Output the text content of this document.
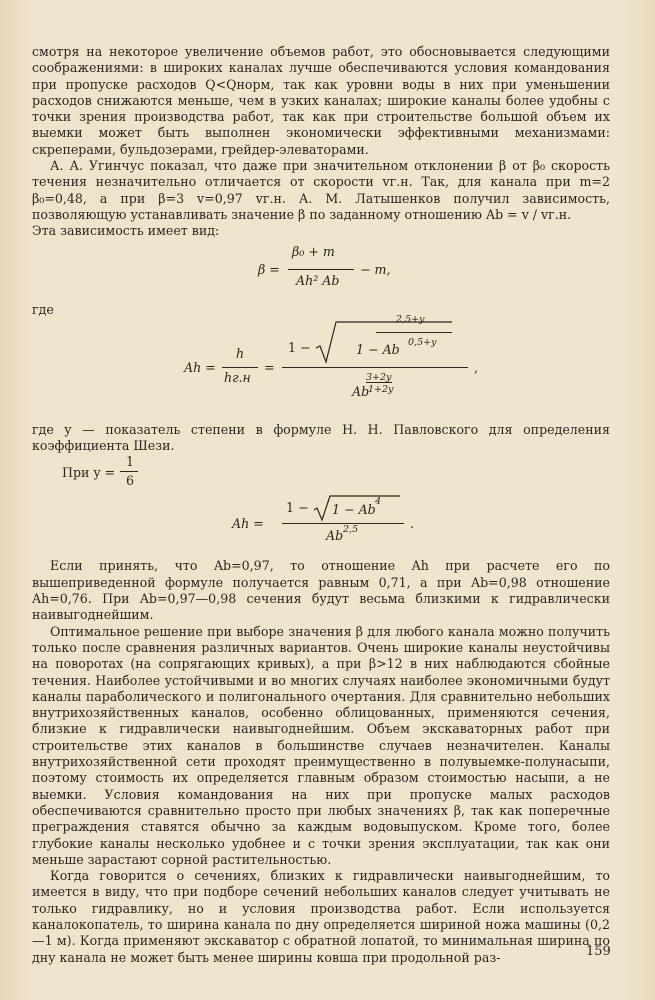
смотря на некоторое увеличение объемов работ, это обосновывается следующими соображениями: в широких каналах лучше обеспечиваются условия командования при пропуске расходов Q<Qнорм, так как уровни воды в них при уменьшении расходов снижаются меньше, чем в узких каналах; широкие каналы более удобны с точки зрения производства работ, так как при строительстве большой объем их выемки может быть выполнен экономически эффективными механизмами: скреперами, бульдозерами, грейдер-элеваторами.

А. А. Угинчус показал, что даже при значительном отклонении β от β₀ скорость течения незначительно отличается от скорости vг.н. Так, для канала при m=2 β₀=0,48, а при β=3 v=0,97 vг.н. А. М. Латышенков получил зависимость, позволяющую устанавливать значение β по заданному отношению Ab = v / vг.н.

Эта зависимость имеет вид:

β =
β₀ + m
Ah² Ab
− m,

где

Ah =
h
hг.н
=
1 −
2,5+y
1 − Ab 0,5+y
3+2y
Ab
1+2y
,

где y — показатель степени в формуле Н. Н. Павловского для определения коэффициента Шези.

При y =
1
6
Ah =
1 − 1 − Ab
4
Ab 2,5	.

Если принять, что Ab=0,97, то отношение Ah при расчете его по вышеприведенной формуле получается равным 0,71, а при Ab=0,98 отношение Ah=0,76. При Ab=0,97—0,98 сечения будут весьма близкими к гидравлически наивыгоднейшим.

Оптимальное решение при выборе значения β для любого канала можно получить только после сравнения различных вариантов. Очень широкие каналы неустойчивы на поворотах (на сопрягающих кривых), а при β>12 в них наблюдаются сбойные течения. Наиболее устойчивыми и во многих случаях наиболее экономичными будут каналы параболического и полигонального очертания. Для сравнительно небольших внутрихозяйственных каналов, особенно облицованных, применяются сечения, близкие к гидравлически наивыгоднейшим. Объем экскаваторных работ при строительстве этих каналов в большинстве случаев незначителен. Каналы внутрихозяйственной сети проходят преимущественно в полувыемке-полунасыпи, поэтому стоимость их определяется главным образом стоимостью насыпи, а не выемки. Условия командования на них при пропуске малых расходов обеспечиваются сравнительно просто при любых значениях β, так как поперечные преграждения ставятся обычно за каждым водовыпуском. Кроме того, более глубокие каналы несколько удобнее и с точки зрения эксплуатации, так как они меньше зарастают сорной растительностью.

Когда говорится о сечениях, близких к гидравлически наивыгоднейшим, то имеется в виду, что при подборе сечений небольших каналов следует учитывать не только гидравлику, но и условия производства работ. Если используется каналокопатель, то ширина канала по дну определяется шириной ножа машины (0,2—1 м). Когда применяют экскаватор с обратной лопатой, то минимальная ширина по дну канала не может быть менее ширины ковша при продольной раз-	159
